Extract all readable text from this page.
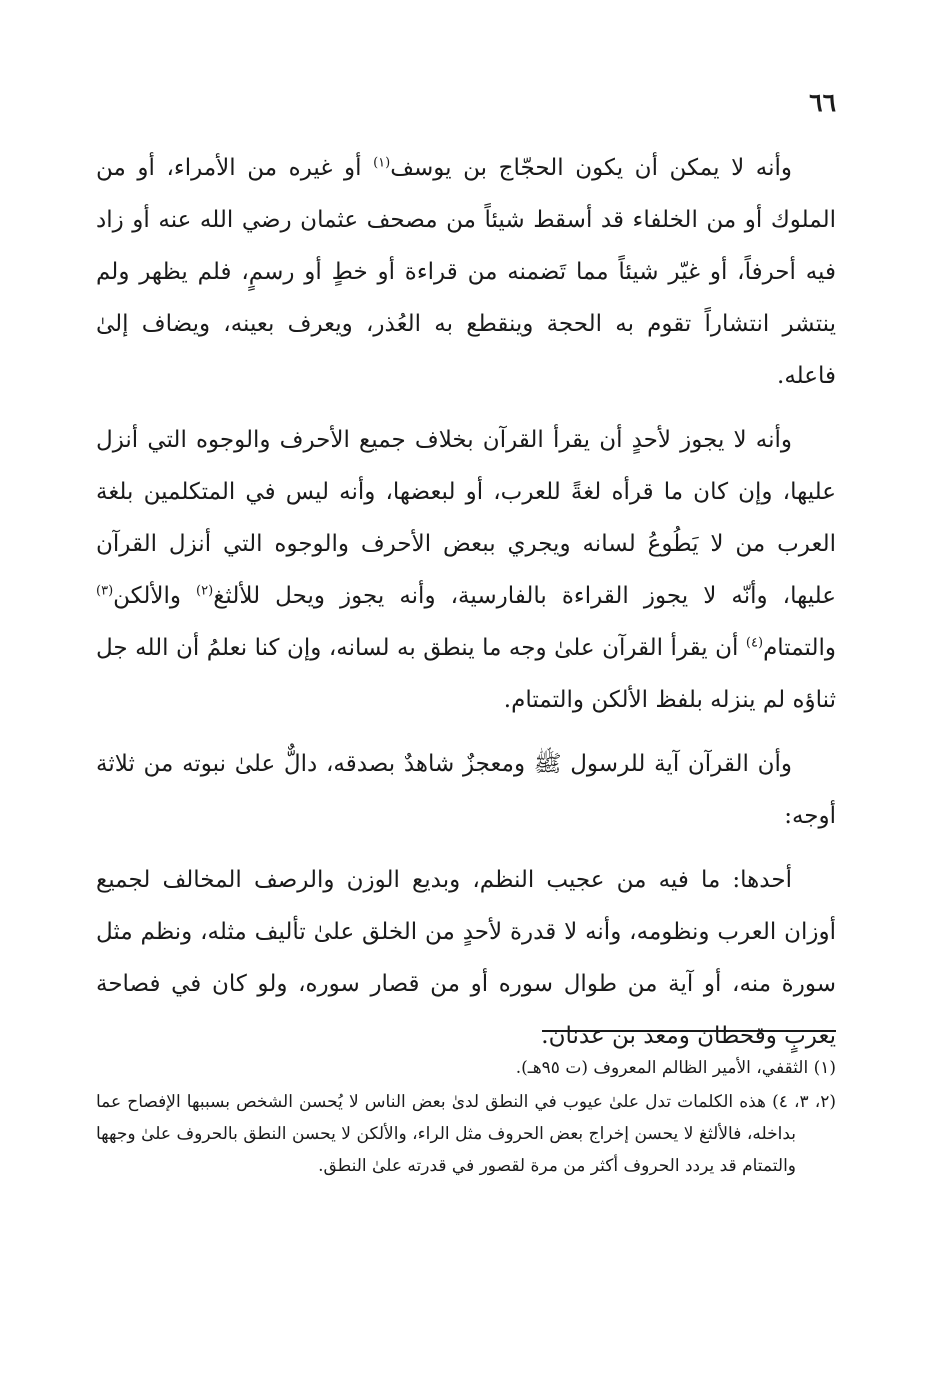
٦٦

وأنه لا يمكن أن يكون الحجّاج بن يوسف$^{(١)}$ أو غيره من الأمراء، أو من الملوك أو من الخلفاء قد أسقط شيئاً من مصحف عثمان رضي الله عنه أو زاد فيه أحرفاً، أو غيّر شيئاً مما تَضمنه من قراءة أو خطٍ أو رسمٍ، فلم يظهر ولم ينتشر انتشاراً تقوم به الحجة وينقطع به العُذر، ويعرف بعينه، ويضاف إلىٰ فاعله.

وأنه لا يجوز لأحدٍ أن يقرأ القرآن بخلاف جميع الأحرف والوجوه التي أنزل عليها، وإن كان ما قرأه لغةً للعرب، أو لبعضها، وأنه ليس في المتكلمين بلغة العرب من لا يَطُوعُ لسانه ويجري ببعض الأحرف والوجوه التي أنزل القرآن عليها، وأنّه لا يجوز القراءة بالفارسية، وأنه يجوز ويحل للألثغ$^{(٢)}$ والألكن$^{(٣)}$ والتمتام$^{(٤)}$ أن يقرأ القرآن علىٰ وجه ما ينطق به لسانه، وإن كنا نعلمُ أن الله جل ثناؤه لم ينزله بلفظ الألكن والتمتام.

وأن القرآن آية للرسول ﷺ ومعجزٌ شاهدٌ بصدقه، دالٌّ علىٰ نبوته من ثلاثة أوجه:

أحدها: ما فيه من عجيب النظم، وبديع الوزن والرصف المخالف لجميع أوزان العرب ونظومه، وأنه لا قدرة لأحدٍ من الخلق علىٰ تأليف مثله، ونظم مثل سورة منه، أو آية من طوال سوره أو من قصار سوره، ولو كان في فصاحة يعربٍ وقحطان ومعد بن عدنان.

(١) الثقفي، الأمير الظالم المعروف (ت ٩٥هـ).

(٢، ٣، ٤) هذه الكلمات تدل علىٰ عيوب في النطق لدىٰ بعض الناس لا يُحسن الشخص بسببها الإفصاح عما بداخله، فالألثغ لا يحسن إخراج بعض الحروف مثل الراء، والألكن لا يحسن النطق بالحروف علىٰ وجهها والتمتام قد يردد الحروف أكثر من مرة لقصور في قدرته علىٰ النطق.
